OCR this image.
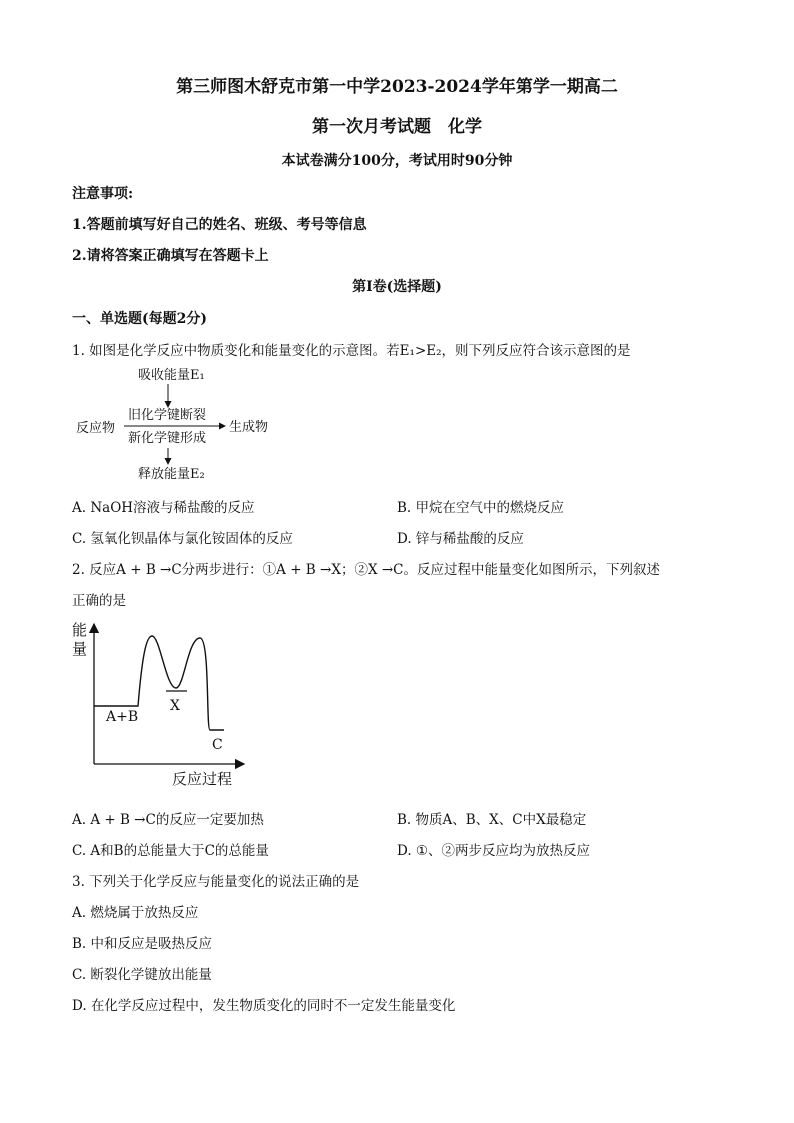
第三师图木舒克市第一中学2023-2024学年第学一期高二
第一次月考试题　化学
本试卷满分100分，考试用时90分钟
注意事项:
1.答题前填写好自己的姓名、班级、考号等信息
2.请将答案正确填写在答题卡上
第Ⅰ卷(选择题)
一、单选题(每题2分)
1. 如图是化学反应中物质变化和能量变化的示意图。若E₁>E₂，则下列反应符合该示意图的是
吸收能量E₁
旧化学键断裂
反应物	生成物
新化学键形成
释放能量E₂
A. NaOH溶液与稀盐酸的反应	B. 甲烷在空气中的燃烧反应
C. 氢氧化钡晶体与氯化铵固体的反应	D. 锌与稀盐酸的反应
2. 反应A + B →C分两步进行：①A + B →X；②X →C。反应过程中能量变化如图所示，下列叙述
正确的是
能
量
A+B
X
C
反应过程
A. A + B →C的反应一定要加热	B. 物质A、B、X、C中X最稳定
C. A和B的总能量大于C的总能量	D. ①、②两步反应均为放热反应
3. 下列关于化学反应与能量变化的说法正确的是
A. 燃烧属于放热反应
B. 中和反应是吸热反应
C. 断裂化学键放出能量
D. 在化学反应过程中，发生物质变化的同时不一定发生能量变化
